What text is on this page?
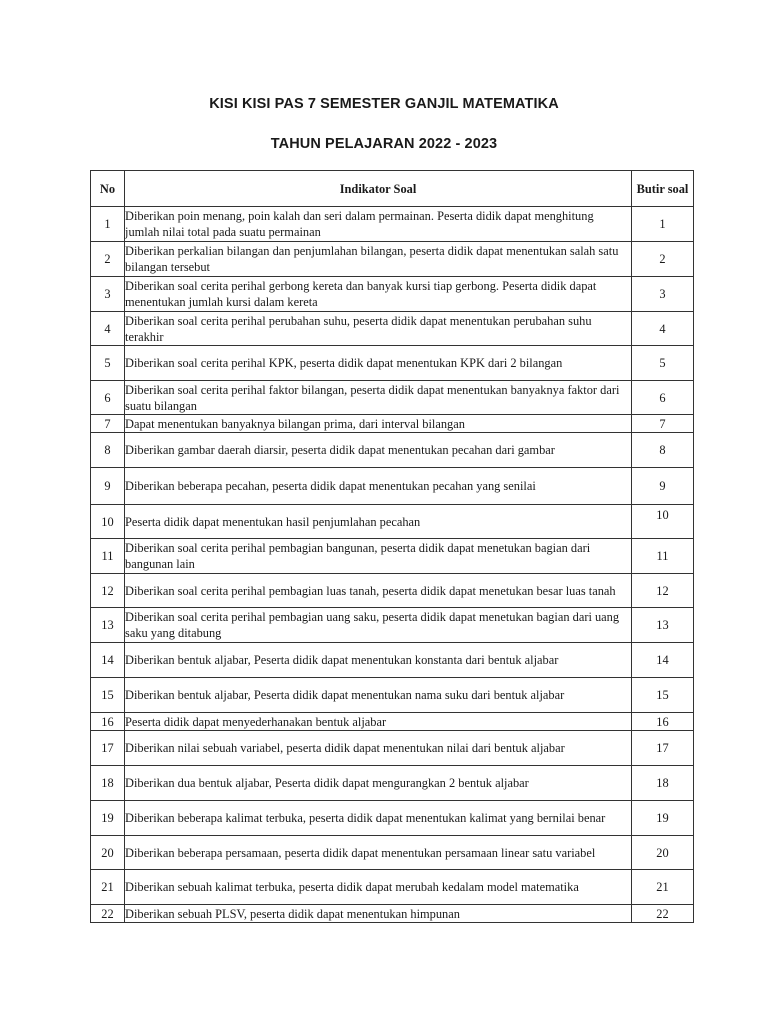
KISI KISI PAS 7 SEMESTER GANJIL MATEMATIKA
TAHUN PELAJARAN 2022 - 2023
No	Indikator Soal	Butir soal
1	Diberikan poin menang, poin kalah dan seri dalam permainan. Peserta didik dapat menghitung jumlah nilai total pada suatu permainan	1
2	Diberikan perkalian bilangan dan penjumlahan bilangan, peserta didik dapat menentukan salah satu bilangan tersebut	2
3	Diberikan soal cerita perihal gerbong kereta dan banyak kursi tiap gerbong. Peserta didik dapat menentukan jumlah kursi dalam kereta	3
4	Diberikan soal cerita perihal perubahan suhu, peserta didik dapat menentukan perubahan suhu terakhir	4
5	Diberikan soal cerita perihal KPK, peserta didik dapat menentukan KPK dari 2 bilangan	5
6	Diberikan soal cerita perihal faktor bilangan, peserta didik dapat menentukan banyaknya faktor dari suatu bilangan	6
7	Dapat menentukan banyaknya bilangan prima, dari interval bilangan	7
8	Diberikan gambar daerah diarsir, peserta didik dapat menentukan pecahan dari gambar	8
9	Diberikan beberapa pecahan, peserta didik dapat menentukan pecahan yang senilai	9
10	Peserta didik dapat menentukan hasil penjumlahan pecahan	10
11	Diberikan soal cerita perihal pembagian bangunan, peserta didik dapat menetukan bagian dari bangunan lain	11
12	Diberikan soal cerita perihal pembagian luas tanah, peserta didik dapat menetukan besar luas tanah	12
13	Diberikan soal cerita perihal pembagian uang saku, peserta didik dapat menetukan bagian dari uang saku yang ditabung	13
14	Diberikan bentuk aljabar, Peserta didik dapat menentukan konstanta dari bentuk aljabar	14
15	Diberikan bentuk aljabar, Peserta didik dapat menentukan nama suku dari bentuk aljabar	15
16	Peserta didik dapat menyederhanakan bentuk aljabar	16
17	Diberikan nilai sebuah variabel, peserta didik dapat menentukan nilai dari bentuk aljabar	17
18	Diberikan dua bentuk aljabar, Peserta didik dapat mengurangkan 2 bentuk aljabar	18
19	Diberikan beberapa kalimat terbuka, peserta didik dapat menentukan kalimat yang bernilai benar	19
20	Diberikan beberapa persamaan, peserta didik dapat menentukan persamaan linear satu variabel	20
21	Diberikan sebuah kalimat terbuka, peserta didik dapat merubah kedalam model matematika	21
22	Diberikan sebuah PLSV, peserta didik dapat menentukan himpunan	22
